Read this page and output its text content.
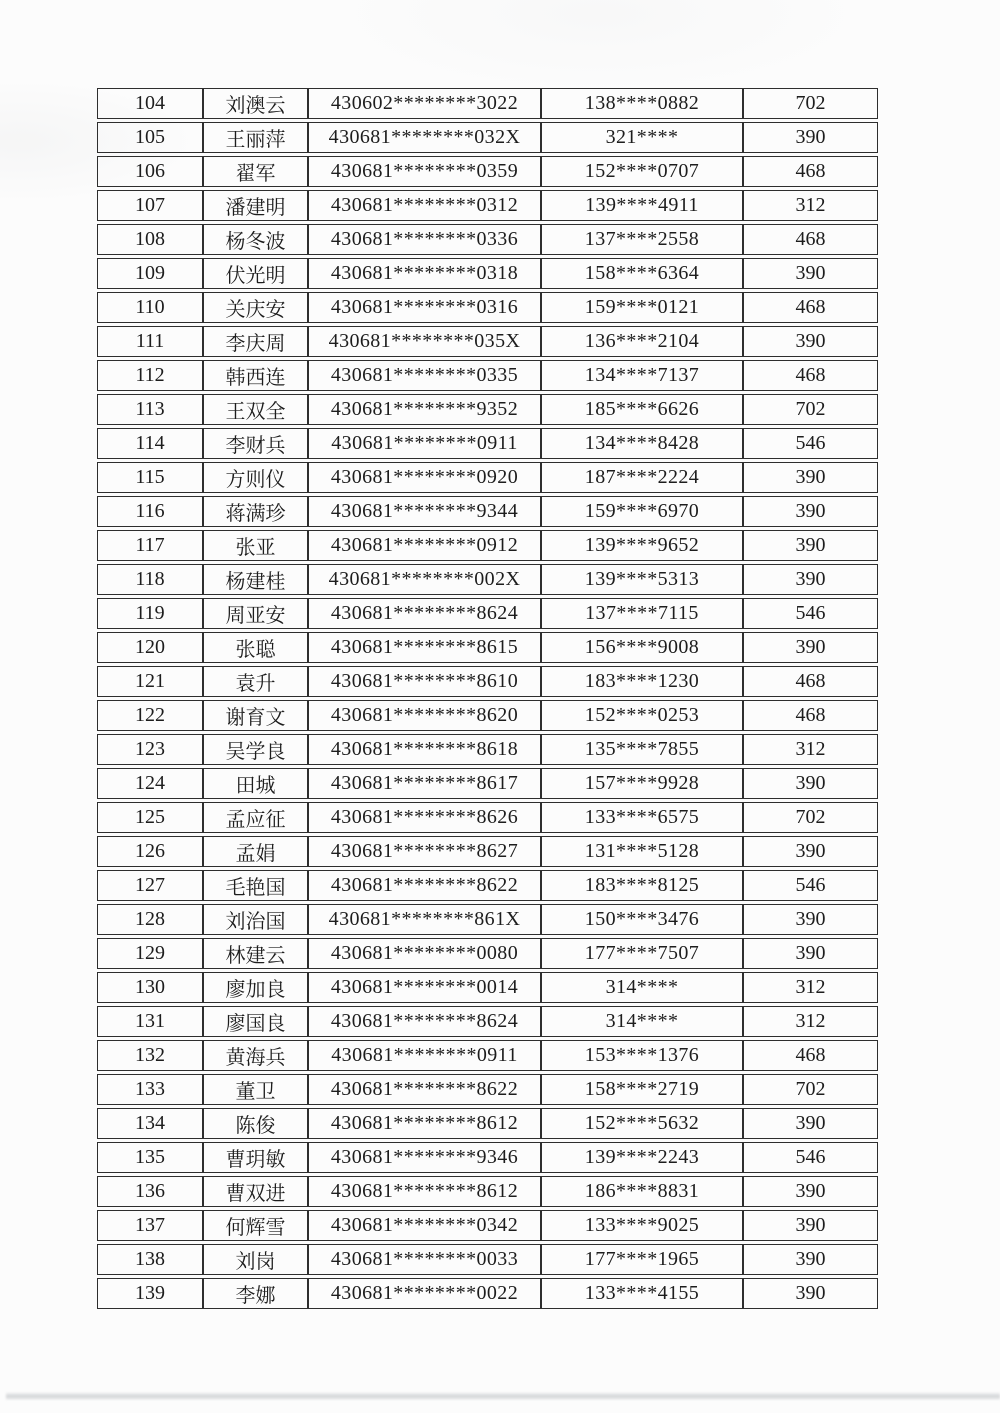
104	刘澳云	430602********3022	138****0882	702
105	王丽萍	430681********032X	321****	390
106	翟军	430681********0359	152****0707	468
107	潘建明	430681********0312	139****4911	312
108	杨冬波	430681********0336	137****2558	468
109	伏光明	430681********0318	158****6364	390
110	关庆安	430681********0316	159****0121	468
111	李庆周	430681********035X	136****2104	390
112	韩西连	430681********0335	134****7137	468
113	王双全	430681********9352	185****6626	702
114	李财兵	430681********0911	134****8428	546
115	方则仪	430681********0920	187****2224	390
116	蒋满珍	430681********9344	159****6970	390
117	张亚	430681********0912	139****9652	390
118	杨建桂	430681********002X	139****5313	390
119	周亚安	430681********8624	137****7115	546
120	张聪	430681********8615	156****9008	390
121	袁升	430681********8610	183****1230	468
122	谢育文	430681********8620	152****0253	468
123	吴学良	430681********8618	135****7855	312
124	田城	430681********8617	157****9928	390
125	孟应征	430681********8626	133****6575	702
126	孟娟	430681********8627	131****5128	390
127	毛艳国	430681********8622	183****8125	546
128	刘治国	430681********861X	150****3476	390
129	林建云	430681********0080	177****7507	390
130	廖加良	430681********0014	314****	312
131	廖国良	430681********8624	314****	312
132	黄海兵	430681********0911	153****1376	468
133	董卫	430681********8622	158****2719	702
134	陈俊	430681********8612	152****5632	390
135	曹玥敏	430681********9346	139****2243	546
136	曹双进	430681********8612	186****8831	390
137	何辉雪	430681********0342	133****9025	390
138	刘岗	430681********0033	177****1965	390
139	李娜	430681********0022	133****4155	390
